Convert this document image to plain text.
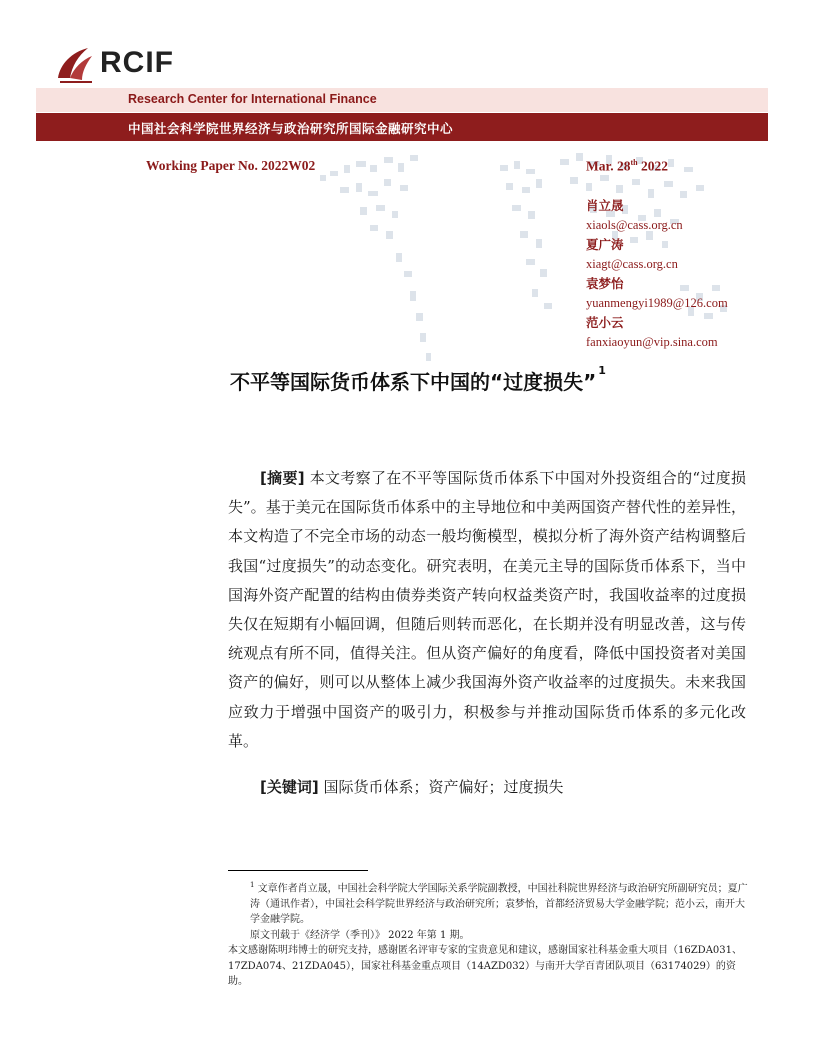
RCIF
Research Center for International Finance
中国社会科学院世界经济与政治研究所国际金融研究中心
Working Paper No. 2022W02	Mar. 28th 2022
肖立晟
xiaols@cass.org.cn
夏广涛
xiagt@cass.org.cn
袁梦怡
yuanmengyi1989@126.com
范小云
fanxiaoyun@vip.sina.com
不平等国际货币体系下中国的“过度损失” $^1$
[摘要] 本文考察了在不平等国际货币体系下中国对外投资组合的“过度损失”。基于美元在国际货币体系中的主导地位和中美两国资产替代性的差异性，本文构造了不完全市场的动态一般均衡模型，模拟分析了海外资产结构调整后我国“过度损失”的动态变化。研究表明，在美元主导的国际货币体系下，当中国海外资产配置的结构由债券类资产转向权益类资产时，我国收益率的过度损失仅在短期有小幅回调，但随后则转而恶化，在长期并没有明显改善，这与传统观点有所不同，值得关注。但从资产偏好的角度看，降低中国投资者对美国资产的偏好，则可以从整体上减少我国海外资产收益率的过度损失。未来我国应致力于增强中国资产的吸引力，积极参与并推动国际货币体系的多元化改革。
[关键词] 国际货币体系；资产偏好；过度损失

$^1$ 文章作者肖立晟，中国社会科学院大学国际关系学院副教授，中国社科院世界经济与政治研究所副研究员；夏广涛（通讯作者），中国社会科学院世界经济与政治研究所；袁梦怡，首都经济贸易大学金融学院；范小云，南开大学金融学院。

原文刊载于《经济学（季刊）》 2022 年第 1 期。

本文感谢陈明玮博士的研究支持，感谢匿名评审专家的宝贵意见和建议，感谢国家社科基金重大项目（16ZDA031、17ZDA074、21ZDA045），国家社科基金重点项目（14AZD032）与南开大学百青团队项目（63174029）的资助。
